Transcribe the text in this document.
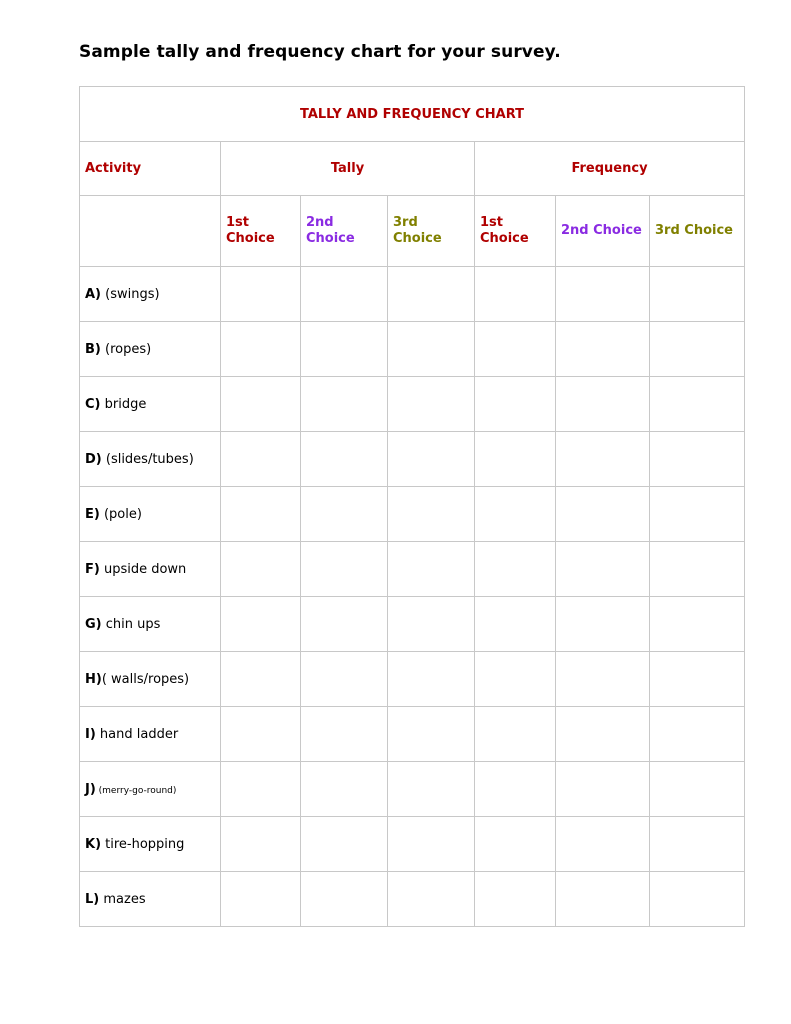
Sample tally and frequency chart for your survey.
TALLY AND FREQUENCY CHART						
Activity	Tally			Frequency		
	1st Choice	2nd Choice	3rd Choice	1st Choice	2nd Choice	3rd Choice
A) (swings)						
B) (ropes)						
C) bridge						
D) (slides/tubes)						
E) (pole)						
F) upside down						
G) chin ups						
H)( walls/ropes)						
I) hand ladder						
J) (merry-go-round)						
K) tire-hopping						
L) mazes						
